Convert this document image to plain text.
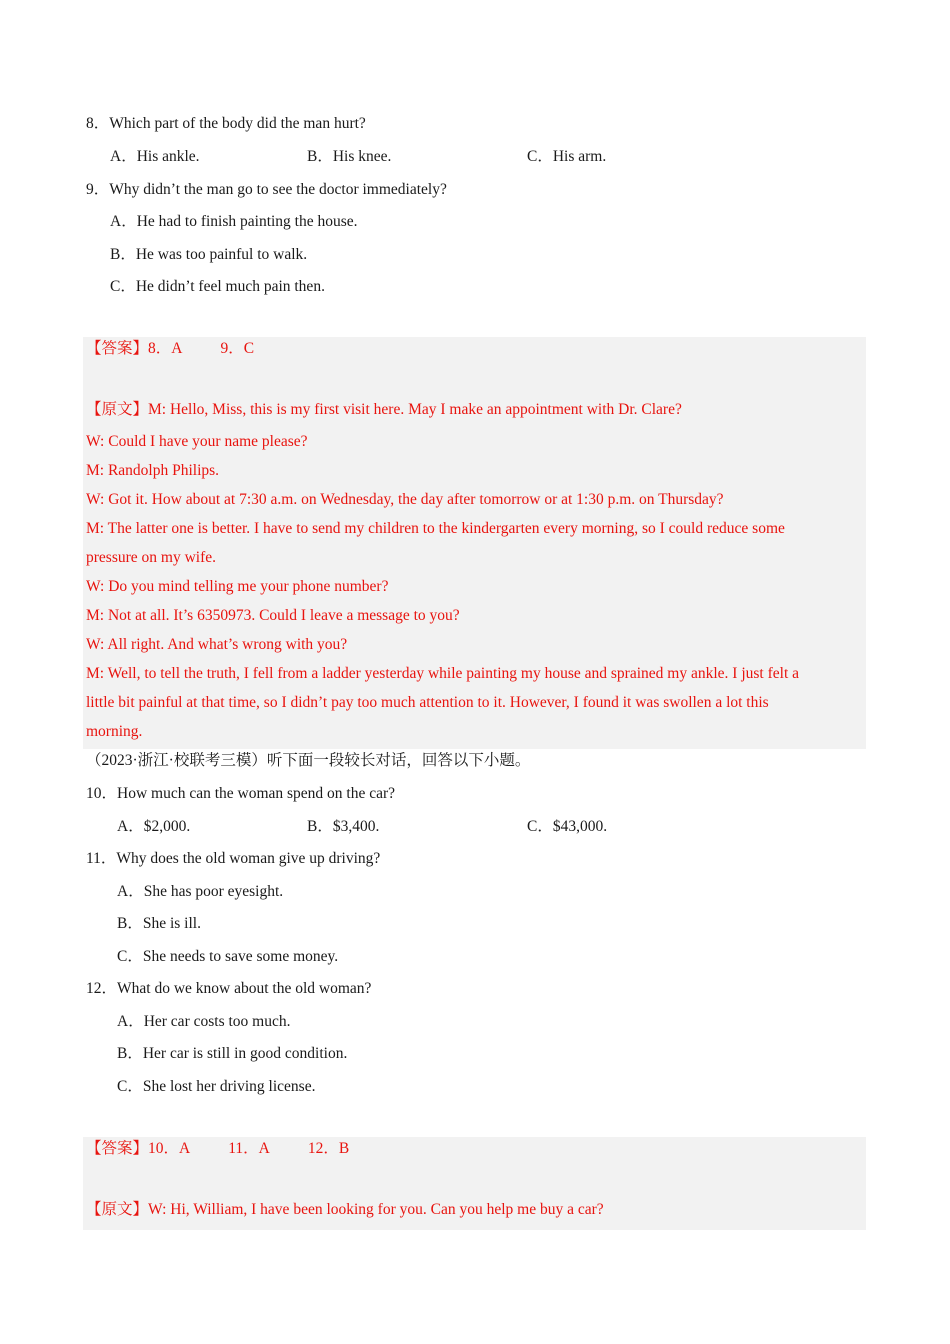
8．Which part of the body did the man hurt?
A．His ankle.	B．His knee.	C．His arm.
9．Why didn’t the man go to see the doctor immediately?
A．He had to finish painting the house.
B．He was too painful to walk.
C．He didn’t feel much pain then.
【答案】8．A 9．C
【原文】M: Hello, Miss, this is my first visit here. May I make an appointment with Dr. Clare?
W: Could I have your name please?
M: Randolph Philips.
W: Got it. How about at 7:30 a.m. on Wednesday, the day after tomorrow or at 1:30 p.m. on Thursday?
M: The latter one is better. I have to send my children to the kindergarten every morning, so I could reduce some
pressure on my wife.
W: Do you mind telling me your phone number?
M: Not at all. It’s 6350973. Could I leave a message to you?
W: All right. And what’s wrong with you?
M: Well, to tell the truth, I fell from a ladder yesterday while painting my house and sprained my ankle. I just felt a
little bit painful at that time, so I didn’t pay too much attention to it. However, I found it was swollen a lot this
morning.
（2023·浙江·校联考三模）听下面一段较长对话，回答以下小题。
10．How much can the woman spend on the car?
A．$2,000.	B．$3,400.	C．$43,000.
11．Why does the old woman give up driving?
A．She has poor eyesight.
B．She is ill.
C．She needs to save some money.
12．What do we know about the old woman?
A．Her car costs too much.
B．Her car is still in good condition.
C．She lost her driving license.
【答案】10．A 11．A 12．B
【原文】W: Hi, William, I have been looking for you. Can you help me buy a car?
